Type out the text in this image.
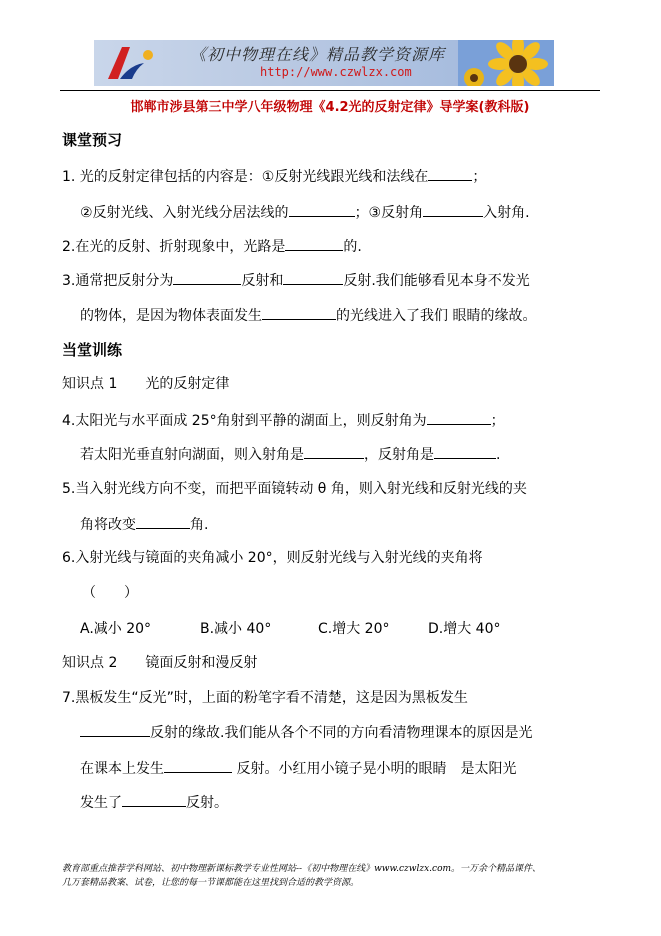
《初中物理在线》精品教学资源库
http://www.czwlzx.com
邯郸市涉县第三中学八年级物理《4.2光的反射定律》导学案(教科版)
课堂预习
1. 光的反射定律包括的内容是：①反射光线跟光线和法线在	；
②反射光线、入射光线分居法线的	；③反射角	入射角.
2.在光的反射、折射现象中，光路是	的.
3.通常把反射分为	反射和	反射.我们能够看见本身不发光
的物体，是因为物体表面发生	的光线进入了我们 眼睛的缘故。
当堂训练
知识点 1　　光的反射定律
4.太阳光与水平面成 25°角射到平静的湖面上，则反射角为	；
若太阳光垂直射向湖面，则入射角是	，反射角是	.
5.当入射光线方向不变，而把平面镜转动 θ 角，则入射光线和反射光线的夹
角将改变	角.
6.入射光线与镜面的夹角减小 20°，则反射光线与入射光线的夹角将
（　　）
A.减小 20°	B.减小 40°	C.增大 20°	D.增大 40°
知识点 2　　镜面反射和漫反射
7.黑板发生“反光”时，上面的粉笔字看不清楚，这是因为黑板发生
反射的缘故.我们能从各个不同的方向看清物理课本的原因是光
在课本上发生	反射。小红用小镜子晃小明的眼睛　是太阳光
发生了	反射。
教育部重点推荐学科网站、初中物理新课标教学专业性网站--《初中物理在线》www.czwlzx.com。一万余个精品课件、
几万套精品教案、试卷，让您的每一节课都能在这里找到合适的教学资源。
